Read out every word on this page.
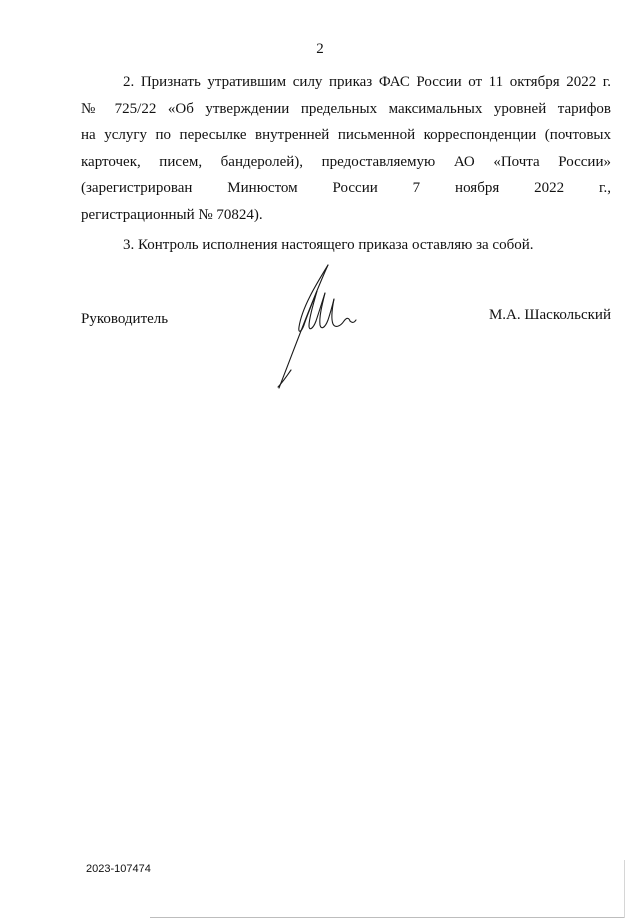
2
2. Признать утратившим силу приказ ФАС России от 11 октября 2022 г.
№ 725/22 «Об утверждении предельных максимальных уровней тарифов
на услугу по пересылке внутренней письменной корреспонденции (почтовых
карточек, писем, бандеролей), предоставляемую АО «Почта России»
(зарегистрирован Минюстом России 7 ноября 2022 г.,
регистрационный № 70824).
3. Контроль исполнения настоящего приказа оставляю за собой.
Руководитель	М.А. Шаскольский
2023-107474
